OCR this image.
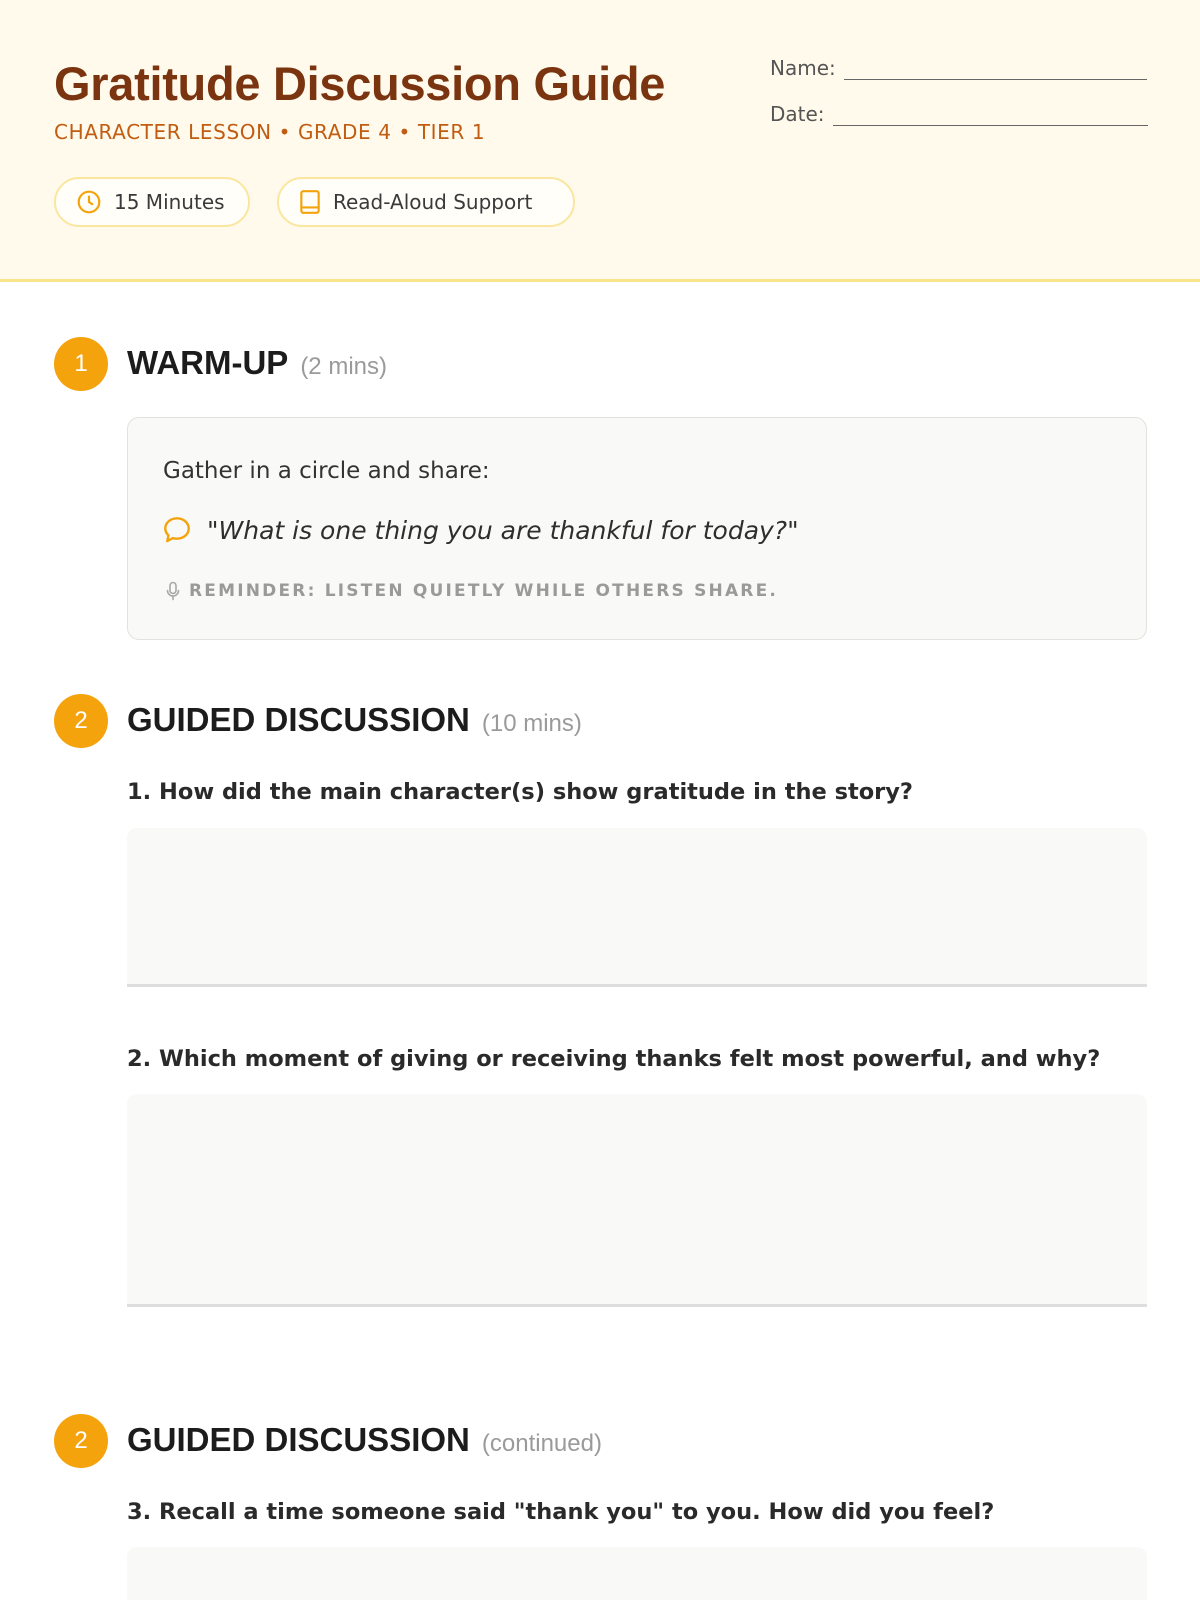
Gratitude Discussion Guide
CHARACTER LESSON • GRADE 4 • TIER 1
15 Minutes	Read-Aloud Support
Name:
Date:
1	WARM-UP (2 mins)
Gather in a circle and share:
"What is one thing you are thankful for today?"
REMINDER: LISTEN QUIETLY WHILE OTHERS SHARE.
2	GUIDED DISCUSSION (10 mins)
1. How did the main character(s) show gratitude in the story?
2. Which moment of giving or receiving thanks felt most powerful, and why?
2	GUIDED DISCUSSION (continued)
3. Recall a time someone said "thank you" to you. How did you feel?
